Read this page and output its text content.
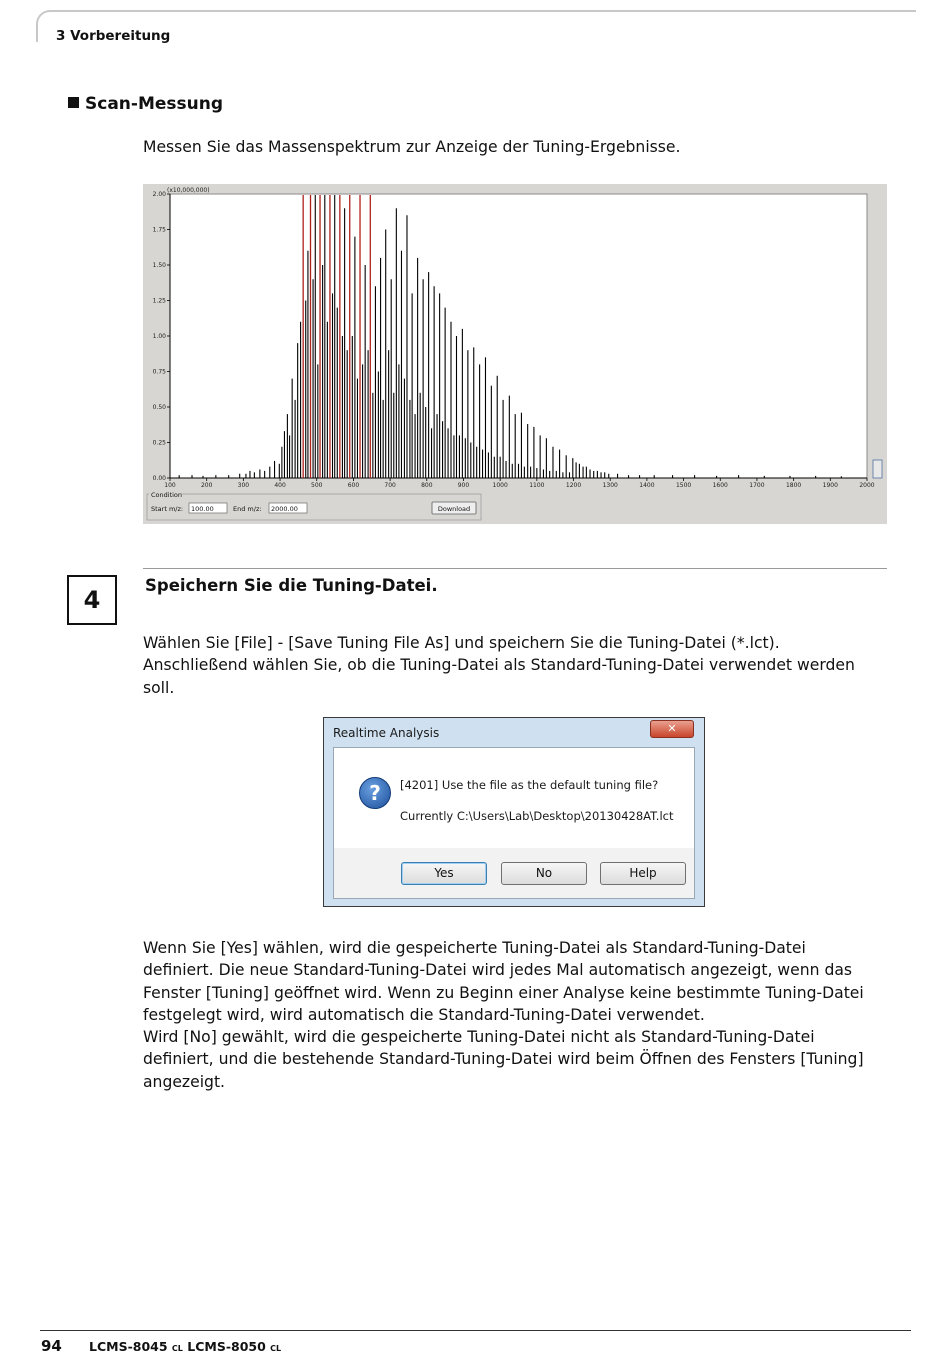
3 Vorbereitung
Scan-Messung
Messen Sie das Massenspektrum zur Anzeige der Tuning-Ergebnisse.
(x10,000,000)
0.00
0.25
0.50
0.75
1.00
1.25
1.50
1.75
2.00
100	200	300	400	500	600	700	800	900	1000	1100	1200	1300	1400	1500	1600	1700	1800	1900	2000
Condition
Start m/z: 100.00	End m/z: 2000.00	Download
4
Speichern Sie die Tuning-Datei.
Wählen Sie [File] - [Save Tuning File As] und speichern Sie die Tuning-Datei (*.lct).
Anschließend wählen Sie, ob die Tuning-Datei als Standard-Tuning-Datei verwendet werden
soll.
Realtime Analysis	✕
?	[4201] Use the file as the default tuning file?
Currently C:\Users\Lab\Desktop\20130428AT.lct
Yes	No	Help
Wenn Sie [Yes] wählen, wird die gespeicherte Tuning-Datei als Standard-Tuning-Datei
definiert. Die neue Standard-Tuning-Datei wird jedes Mal automatisch angezeigt, wenn das
Fenster [Tuning] geöffnet wird. Wenn zu Beginn einer Analyse keine bestimmte Tuning-Datei
festgelegt wird, wird automatisch die Standard-Tuning-Datei verwendet.
Wird [No] gewählt, wird die gespeicherte Tuning-Datei nicht als Standard-Tuning-Datei
definiert, und die bestehende Standard-Tuning-Datei wird beim Öffnen des Fensters [Tuning]
angezeigt.
94 LCMS-8045 CL LCMS-8050 CL
